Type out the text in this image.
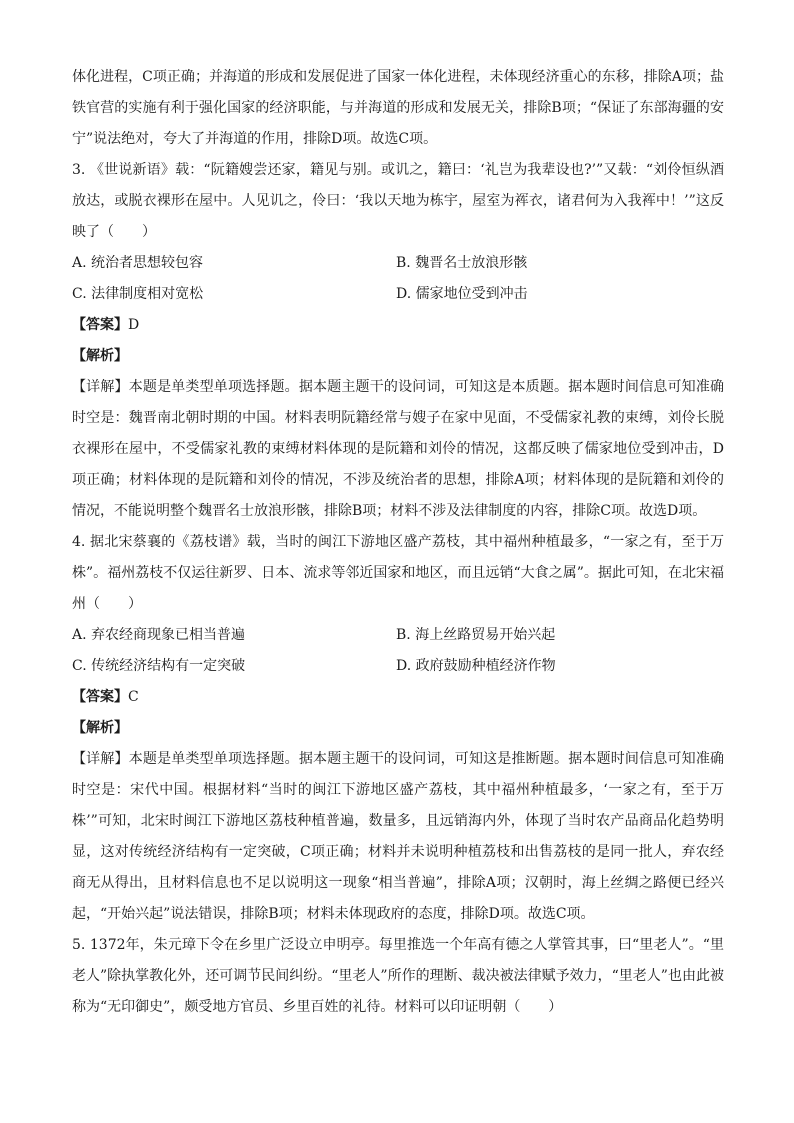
体化进程，C项正确；并海道的形成和发展促进了国家一体化进程，未体现经济重心的东移，排除A项；盐铁官营的实施有利于强化国家的经济职能，与并海道的形成和发展无关，排除B项；“保证了东部海疆的安宁”说法绝对，夸大了并海道的作用，排除D项。故选C项。
3. 《世说新语》载：“阮籍嫂尝还家，籍见与别。或讥之，籍曰：‘礼岂为我辈设也?’”又载：“刘伶恒纵酒放达，或脱衣裸形在屋中。人见讥之，伶曰：‘我以天地为栋宇，屋室为裈衣，诸君何为入我裈中！’”这反映了（　　）
A. 统治者思想较包容	B. 魏晋名士放浪形骸
C. 法律制度相对宽松	D. 儒家地位受到冲击
【答案】D
【解析】
【详解】本题是单类型单项选择题。据本题主题干的设问词，可知这是本质题。据本题时间信息可知准确时空是：魏晋南北朝时期的中国。材料表明阮籍经常与嫂子在家中见面，不受儒家礼教的束缚，刘伶长脱衣裸形在屋中，不受儒家礼教的束缚材料体现的是阮籍和刘伶的情况，这都反映了儒家地位受到冲击，D项正确；材料体现的是阮籍和刘伶的情况，不涉及统治者的思想，排除A项；材料体现的是阮籍和刘伶的情况，不能说明整个魏晋名士放浪形骸，排除B项；材料不涉及法律制度的内容，排除C项。故选D项。
4. 据北宋蔡襄的《荔枝谱》载，当时的闽江下游地区盛产荔枝，其中福州种植最多，“一家之有，至于万株”。福州荔枝不仅运往新罗、日本、流求等邻近国家和地区，而且远销“大食之属”。据此可知，在北宋福州（　　）
A. 弃农经商现象已相当普遍	B. 海上丝路贸易开始兴起
C. 传统经济结构有一定突破	D. 政府鼓励种植经济作物
【答案】C
【解析】
【详解】本题是单类型单项选择题。据本题主题干的设问词，可知这是推断题。据本题时间信息可知准确时空是：宋代中国。根据材料“当时的闽江下游地区盛产荔枝，其中福州种植最多，‘一家之有，至于万株’”可知，北宋时闽江下游地区荔枝种植普遍，数量多，且远销海内外，体现了当时农产品商品化趋势明显，这对传统经济结构有一定突破，C项正确；材料并未说明种植荔枝和出售荔枝的是同一批人，弃农经商无从得出，且材料信息也不足以说明这一现象“相当普遍”，排除A项；汉朝时，海上丝绸之路便已经兴起，“开始兴起”说法错误，排除B项；材料未体现政府的态度，排除D项。故选C项。
5. 1372年，朱元璋下令在乡里广泛设立申明亭。每里推选一个年高有德之人掌管其事，曰“里老人”。“里老人”除执掌教化外，还可调节民间纠纷。“里老人”所作的理断、裁决被法律赋予效力，“里老人”也由此被称为“无印御史”，颇受地方官员、乡里百姓的礼待。材料可以印证明朝（　　）
